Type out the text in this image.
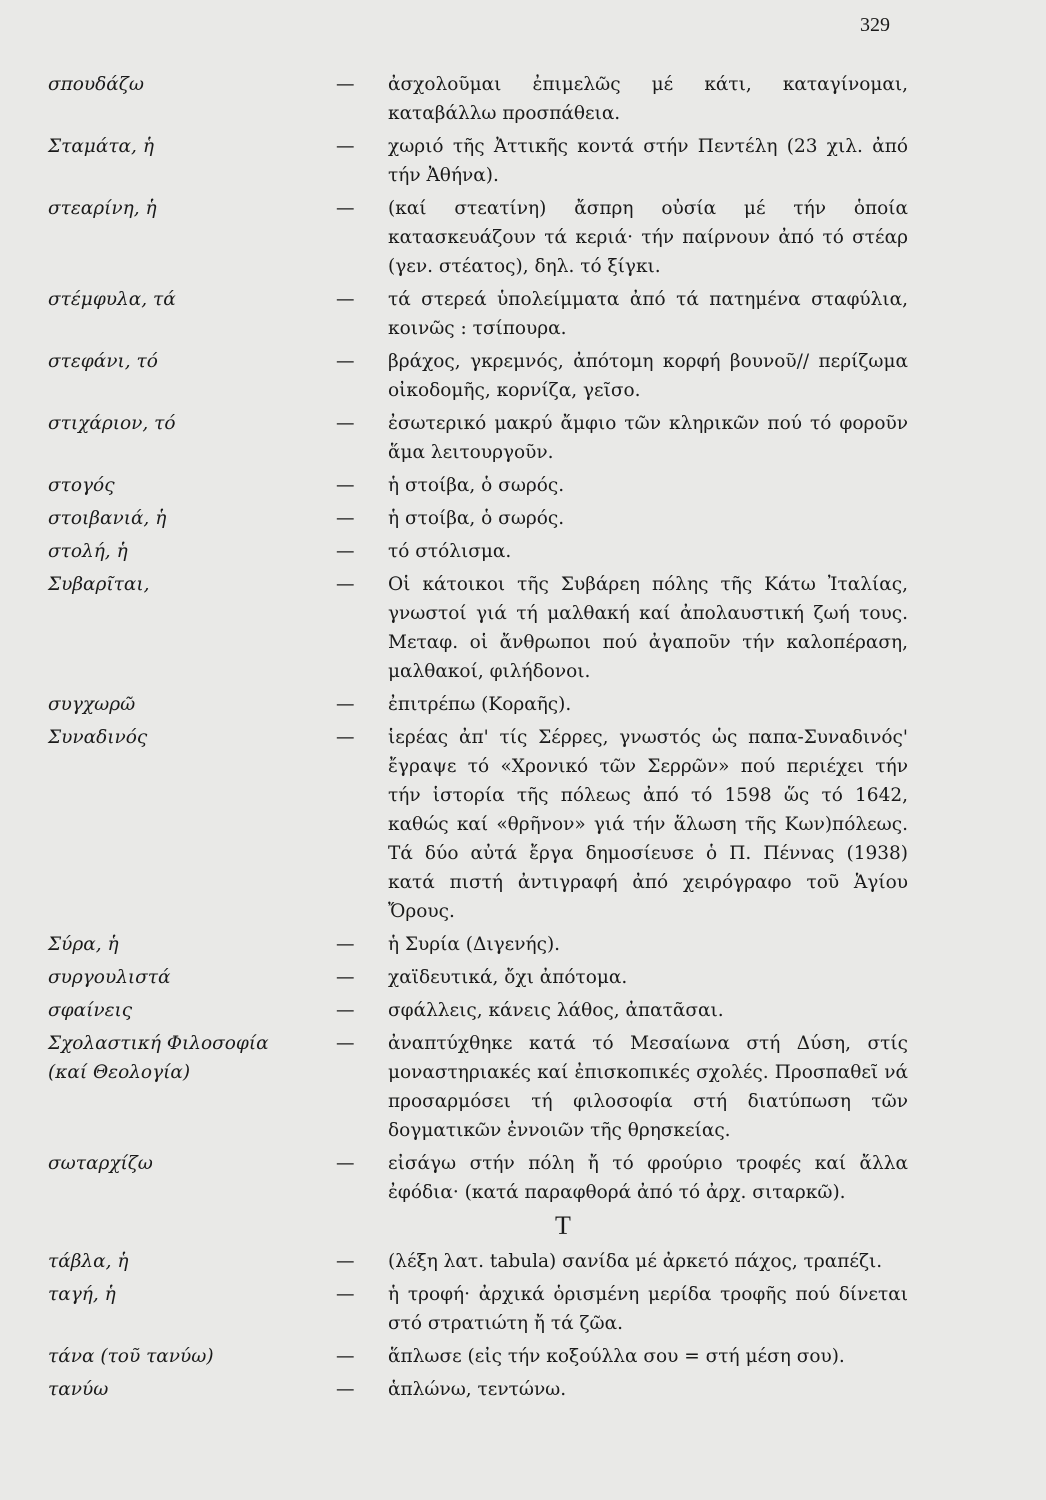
329
σπουδάζω	— ἀσχολοῦμαι ἐπιμελῶς μέ κάτι, καταγίνομαι, καταβάλλω προσπάθεια.
Σταμάτα, ἡ	— χωριό τῆς Ἀττικῆς κοντά στήν Πεντέλη (23 χιλ. ἀπό τήν Ἀθήνα).
στεαρίνη, ἡ	— (καί στεατίνη) ἄσπρη οὐσία μέ τήν ὁποία κατασκευάζουν τά κεριά· τήν παίρνουν ἀπό τό στέαρ (γεν. στέατος), δηλ. τό ξίγκι.
στέμφυλα, τά	— τά στερεά ὑπολείμματα ἀπό τά πατημένα σταφύλια, κοινῶς : τσίπουρα.
στεφάνι, τό	— βράχος, γκρεμνός, ἀπότομη κορφή βουνοῦ// περίζωμα οἰκοδομῆς, κορνίζα, γεῖσο.
στιχάριον, τό	— ἐσωτερικό μακρύ ἄμφιο τῶν κληρικῶν πού τό φοροῦν ἅμα λειτουργοῦν.
στογός	— ἡ στοίβα, ὁ σωρός.
στοιβανιά, ἡ	— ἡ στοίβα, ὁ σωρός.
στολή, ἡ	— τό στόλισμα.
Συβαρῖται,	— Οἱ κάτοικοι τῆς Συβάρεη πόλης τῆς Κάτω Ἰταλίας, γνωστοί γιά τή μαλθακή καί ἀπολαυστική ζωή τους. Μεταφ. οἱ ἄνθρωποι πού ἀγαποῦν τήν καλοπέραση, μαλθακοί, φιλήδονοι.
συγχωρῶ	— ἐπιτρέπω (Κοραῆς).
Συναδινός	— ἱερέας ἀπ' τίς Σέρρες, γνωστός ὡς παπα-Συναδινός' ἔγραψε τό «Χρονικό τῶν Σερρῶν» πού περιέχει τήν τήν ἱστορία τῆς πόλεως ἀπό τό 1598 ὥς τό 1642, καθώς καί «θρῆνον» γιά τήν ἅλωση τῆς Κων)πόλεως. Τά δύο αὐτά ἔργα δημοσίευσε ὁ Π. Πέννας (1938) κατά πιστή ἀντιγραφή ἀπό χειρόγραφο τοῦ Ἁγίου Ὄρους.
Σύρα, ἡ	— ἡ Συρία (Διγενής).
συργουλιστά	— χαϊδευτικά, ὄχι ἀπότομα.
σφαίνεις	— σφάλλεις, κάνεις λάθος, ἀπατᾶσαι.
Σχολαστική Φιλοσοφία
(καί Θεολογία)
— ἀναπτύχθηκε κατά τό Μεσαίωνα στή Δύση, στίς μοναστηριακές καί ἐπισκοπικές σχολές. Προσπαθεῖ νά προσαρμόσει τή φιλοσοφία στή διατύπωση τῶν δογματικῶν ἐννοιῶν τῆς θρησκείας.
σωταρχίζω	— εἰσάγω στήν πόλη ἤ τό φρούριο τροφές καί ἄλλα ἐφόδια· (κατά παραφθορά ἀπό τό ἀρχ. σιταρκῶ).
Τ
τάβλα, ἡ	— (λέξη λατ. tabula) σανίδα μέ ἀρκετό πάχος, τραπέζι.
ταγή, ἡ	— ἡ τροφή· ἀρχικά ὁρισμένη μερίδα τροφῆς πού δίνεται στό στρατιώτη ἤ τά ζῶα.
τάνα (τοῦ τανύω)	— ἅπλωσε (εἰς τήν κοξούλλα σου = στή μέση σου).
τανύω	— ἁπλώνω, τεντώνω.
